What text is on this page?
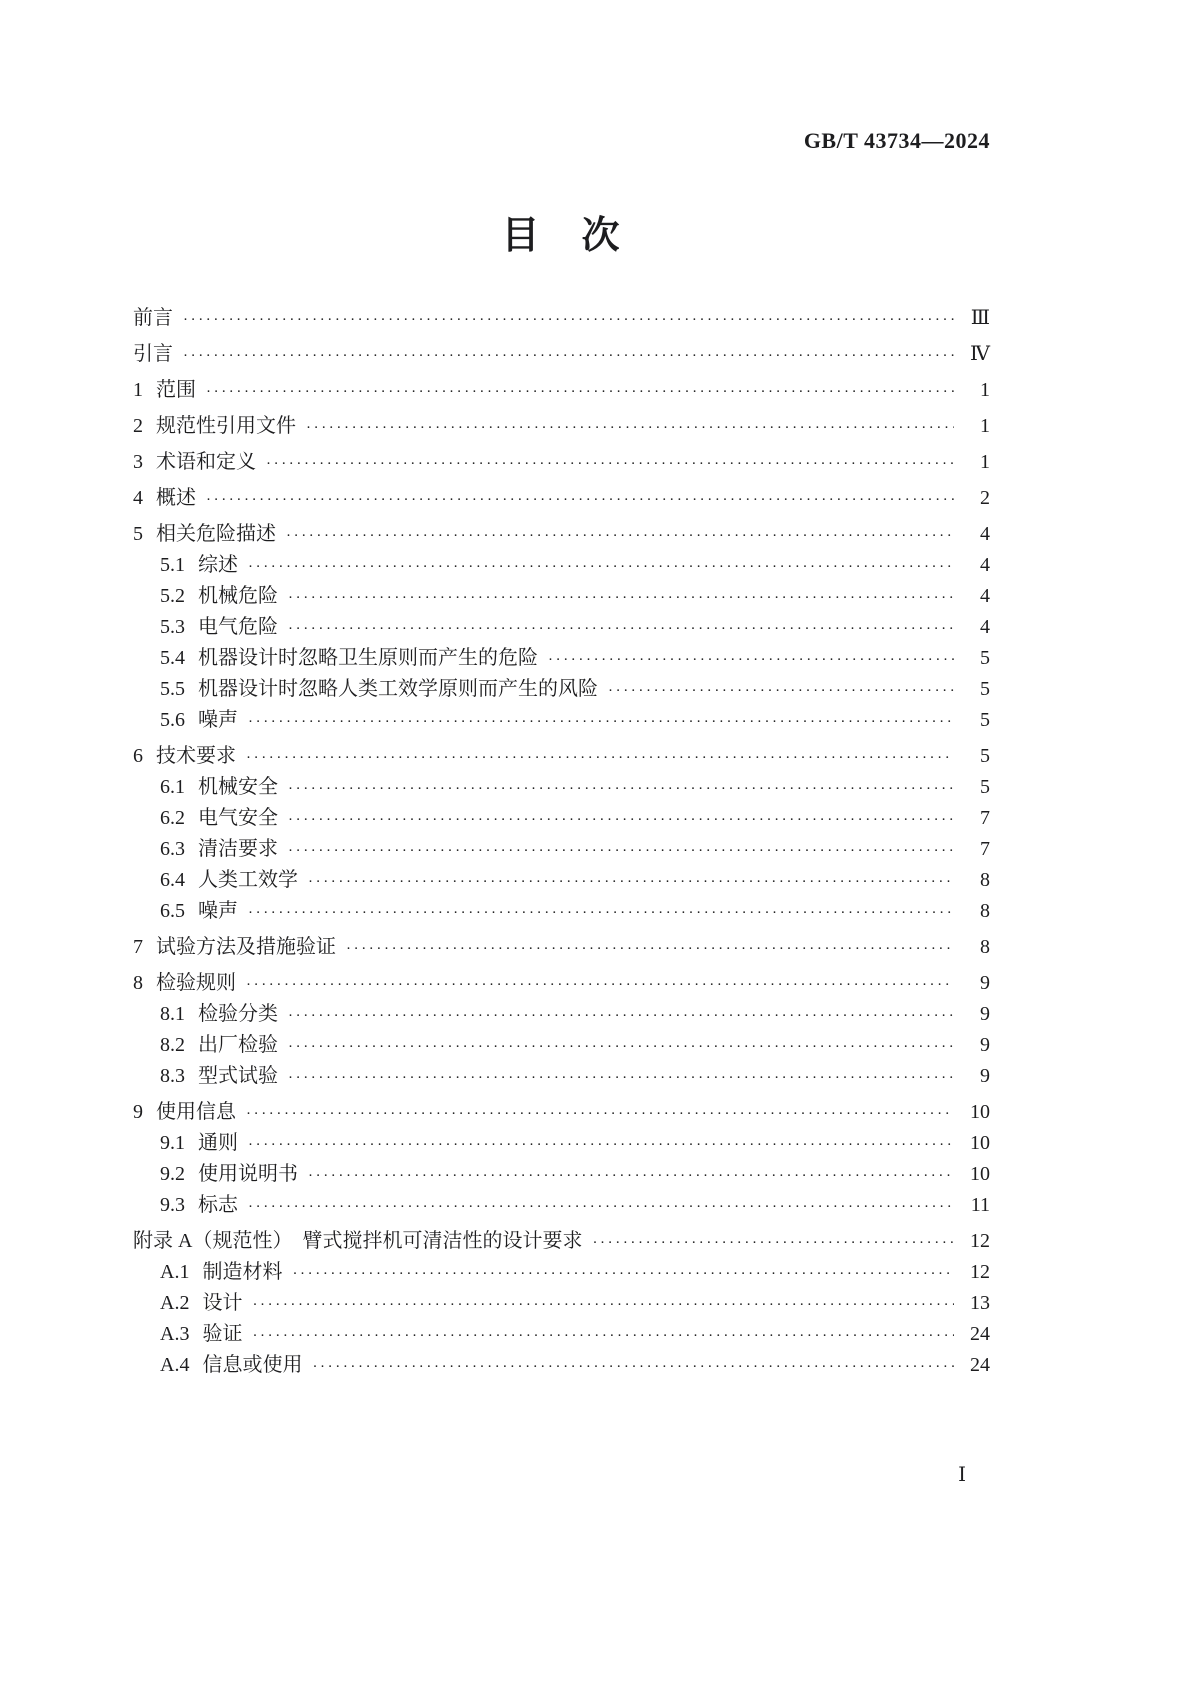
GB/T 43734—2024
目　次
前言 ·····	Ⅲ
引言 ·····	Ⅳ
1 范围 ·····	1
2 规范性引用文件 ·····	1
3 术语和定义 ·····	1
4 概述 ·····	2
5 相关危险描述 ·····	4
5.1 综述 ·····	4
5.2 机械危险 ·····	4
5.3 电气危险 ·····	4
5.4 机器设计时忽略卫生原则而产生的危险 ·····	5
5.5 机器设计时忽略人类工效学原则而产生的风险 ·····	5
5.6 噪声 ·····	5
6 技术要求 ·····	5
6.1 机械安全 ·····	5
6.2 电气安全 ·····	7
6.3 清洁要求 ·····	7
6.4 人类工效学 ·····	8
6.5 噪声 ·····	8
7 试验方法及措施验证 ·····	8
8 检验规则 ·····	9
8.1 检验分类 ·····	9
8.2 出厂检验 ·····	9
8.3 型式试验 ·····	9
9 使用信息 ·····	10
9.1 通则 ·····	10
9.2 使用说明书 ·····	10
9.3 标志 ·····	11
附录 A（规范性）　臂式搅拌机可清洁性的设计要求 ·····	12
A.1 制造材料 ·····	12
A.2 设计 ·····	13
A.3 验证 ·····	24
A.4 信息或使用 ·····	24
Ⅰ
